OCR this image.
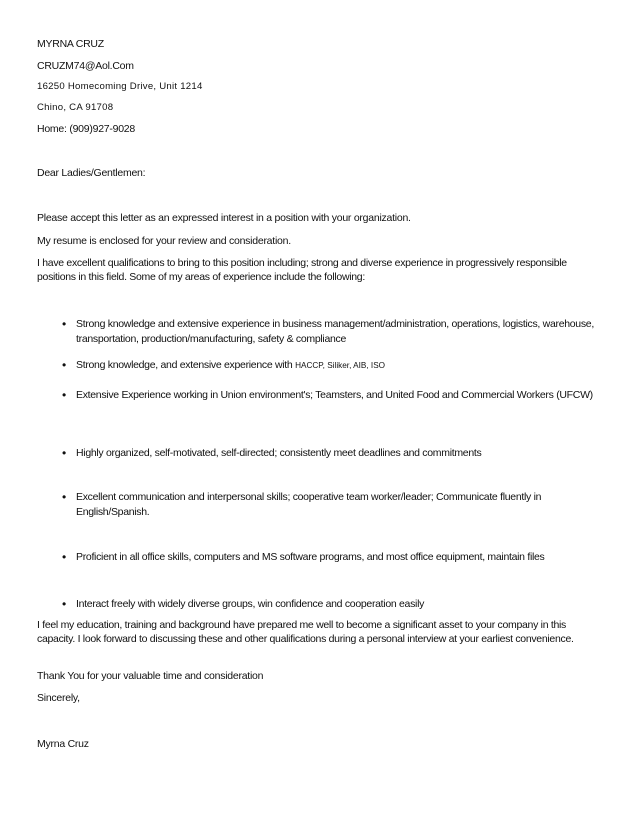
MYRNA CRUZ
CRUZM74@Aol.Com
16250 Homecoming Drive, Unit 1214
Chino, CA 91708
Home: (909)927-9028
Dear Ladies/Gentlemen:
Please accept this letter as an expressed interest in a position with your organization.
My resume is enclosed for your review and consideration.
I have excellent qualifications to bring to this position including; strong and diverse experience in progressively responsible positions in this field. Some of my areas of experience include the following:
• Strong knowledge and extensive experience in business management/administration, operations, logistics, warehouse, transportation, production/manufacturing, safety & compliance
• Strong knowledge, and extensive experience with HACCP, Siliker, AIB, ISO
• Extensive Experience working in Union environment's; Teamsters, and United Food and Commercial Workers (UFCW)
• Highly organized, self-motivated, self-directed; consistently meet deadlines and commitments
• Excellent communication and interpersonal skills; cooperative team worker/leader; Communicate fluently in English/Spanish.
• Proficient in all office skills, computers and MS software programs, and most office equipment, maintain files
• Interact freely with widely diverse groups, win confidence and cooperation easily
I feel my education, training and background have prepared me well to become a significant asset to your company in this capacity. I look forward to discussing these and other qualifications during a personal interview at your earliest convenience.
Thank You for your valuable time and consideration
Sincerely,
Myrna Cruz
